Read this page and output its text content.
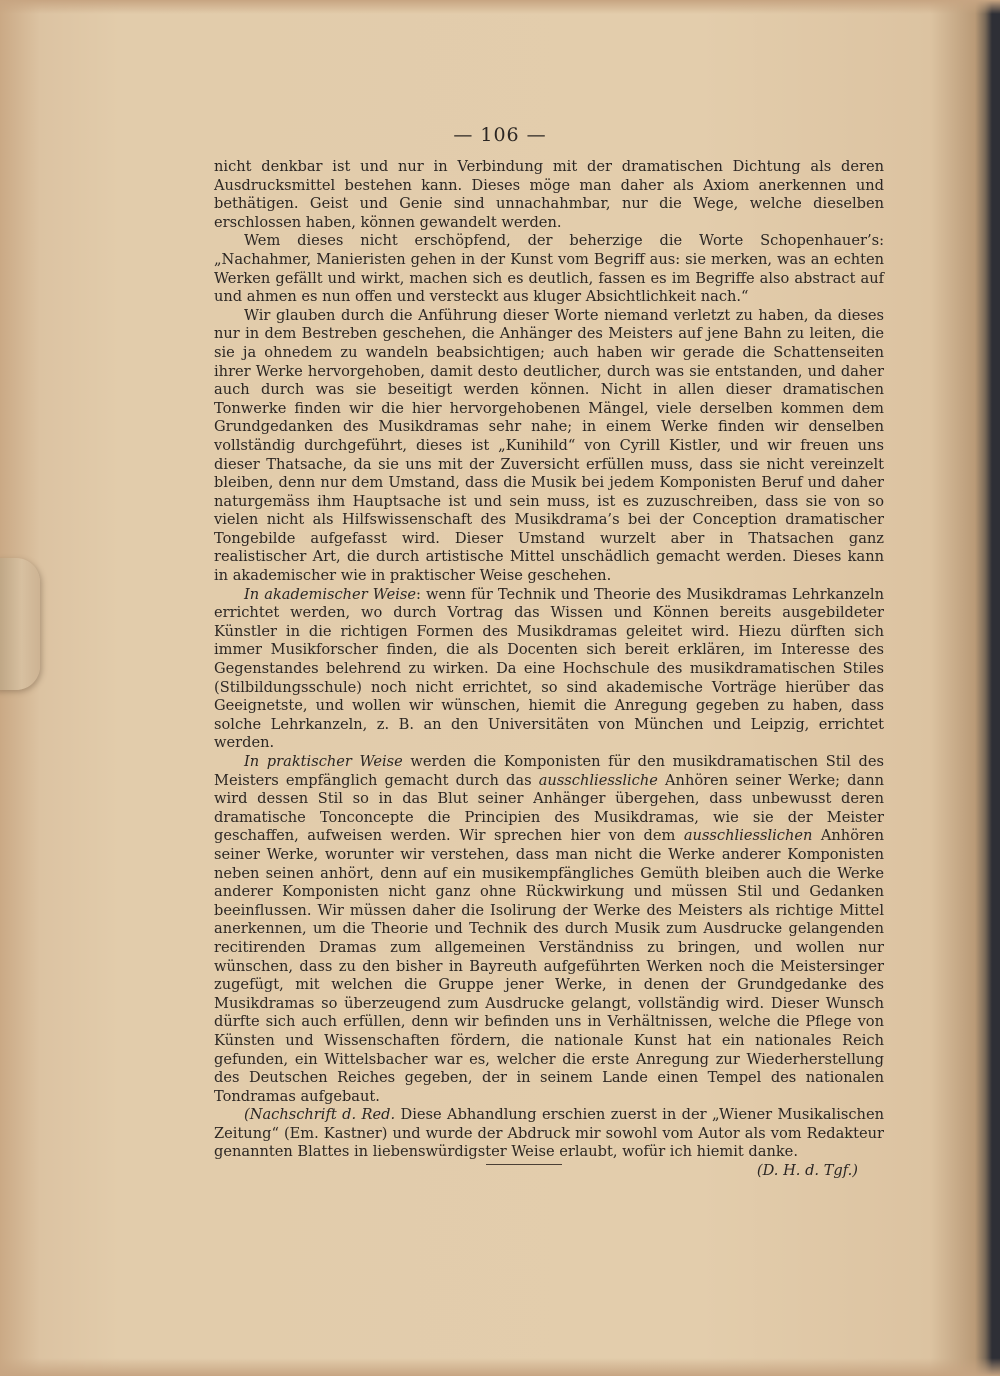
— 106 —

nicht denkbar ist und nur in Verbindung mit der dramatischen Dichtung als deren Ausdrucksmittel bestehen kann. Dieses möge man daher als Axiom anerkennen und bethätigen. Geist und Genie sind unnachahmbar, nur die Wege, welche dieselben erschlossen haben, können gewandelt werden.

Wem dieses nicht erschöpfend, der beherzige die Worte Schopenhauer’s: „Nachahmer, Manieristen gehen in der Kunst vom Begriff aus: sie merken, was an echten Werken gefällt und wirkt, machen sich es deutlich, fassen es im Begriffe also abstract auf und ahmen es nun offen und versteckt aus kluger Absichtlichkeit nach.“

Wir glauben durch die Anführung dieser Worte niemand verletzt zu haben, da dieses nur in dem Bestreben geschehen, die Anhänger des Meisters auf jene Bahn zu leiten, die sie ja ohnedem zu wandeln beabsichtigen; auch haben wir gerade die Schattenseiten ihrer Werke hervorgehoben, damit desto deutlicher, durch was sie entstanden, und daher auch durch was sie beseitigt werden können. Nicht in allen dieser dramatischen Tonwerke finden wir die hier hervorgehobenen Mängel, viele derselben kommen dem Grundgedanken des Musikdramas sehr nahe; in einem Werke finden wir denselben vollständig durchgeführt, dieses ist „Kunihild“ von Cyrill Kistler, und wir freuen uns dieser Thatsache, da sie uns mit der Zuversicht erfüllen muss, dass sie nicht vereinzelt bleiben, denn nur dem Umstand, dass die Musik bei jedem Komponisten Beruf und daher naturgemäss ihm Hauptsache ist und sein muss, ist es zuzuschreiben, dass sie von so vielen nicht als Hilfswissenschaft des Musikdrama’s bei der Conception dramatischer Tongebilde aufgefasst wird. Dieser Umstand wurzelt aber in Thatsachen ganz realistischer Art, die durch artistische Mittel unschädlich gemacht werden. Dieses kann in akademischer wie in praktischer Weise geschehen.

In akademischer Weise: wenn für Technik und Theorie des Musikdramas Lehrkanzeln errichtet werden, wo durch Vortrag das Wissen und Können bereits ausgebildeter Künstler in die richtigen Formen des Musikdramas geleitet wird. Hiezu dürften sich immer Musikforscher finden, die als Docenten sich bereit erklären, im Interesse des Gegenstandes belehrend zu wirken. Da eine Hochschule des musikdramatischen Stiles (Stilbildungsschule) noch nicht errichtet, so sind akademische Vorträge hierüber das Geeignetste, und wollen wir wünschen, hiemit die Anregung gegeben zu haben, dass solche Lehrkanzeln, z. B. an den Universitäten von München und Leipzig, errichtet werden.

In praktischer Weise werden die Komponisten für den musikdramatischen Stil des Meisters empfänglich gemacht durch das ausschliessliche Anhören seiner Werke; dann wird dessen Stil so in das Blut seiner Anhänger übergehen, dass unbewusst deren dramatische Tonconcepte die Principien des Musikdramas, wie sie der Meister geschaffen, aufweisen werden. Wir sprechen hier von dem ausschliesslichen Anhören seiner Werke, worunter wir verstehen, dass man nicht die Werke anderer Komponisten neben seinen anhört, denn auf ein musikempfängliches Gemüth bleiben auch die Werke anderer Komponisten nicht ganz ohne Rückwirkung und müssen Stil und Gedanken beeinflussen. Wir müssen daher die Isolirung der Werke des Meisters als richtige Mittel anerkennen, um die Theorie und Technik des durch Musik zum Ausdrucke gelangenden recitirenden Dramas zum allgemeinen Verständniss zu bringen, und wollen nur wünschen, dass zu den bisher in Bayreuth aufgeführten Werken noch die Meistersinger zugefügt, mit welchen die Gruppe jener Werke, in denen der Grundgedanke des Musikdramas so überzeugend zum Ausdrucke gelangt, vollständig wird. Dieser Wunsch dürfte sich auch erfüllen, denn wir befinden uns in Verhältnissen, welche die Pflege von Künsten und Wissenschaften fördern, die nationale Kunst hat ein nationales Reich gefunden, ein Wittelsbacher war es, welcher die erste Anregung zur Wiederherstellung des Deutschen Reiches gegeben, der in seinem Lande einen Tempel des nationalen Tondramas aufgebaut.

(Nachschrift d. Red. Diese Abhandlung erschien zuerst in der „Wiener Musikalischen Zeitung“ (Em. Kastner) und wurde der Abdruck mir sowohl vom Autor als vom Redakteur genannten Blattes in liebenswürdigster Weise erlaubt, wofür ich hiemit danke.

(D. H. d. Tgf.)
